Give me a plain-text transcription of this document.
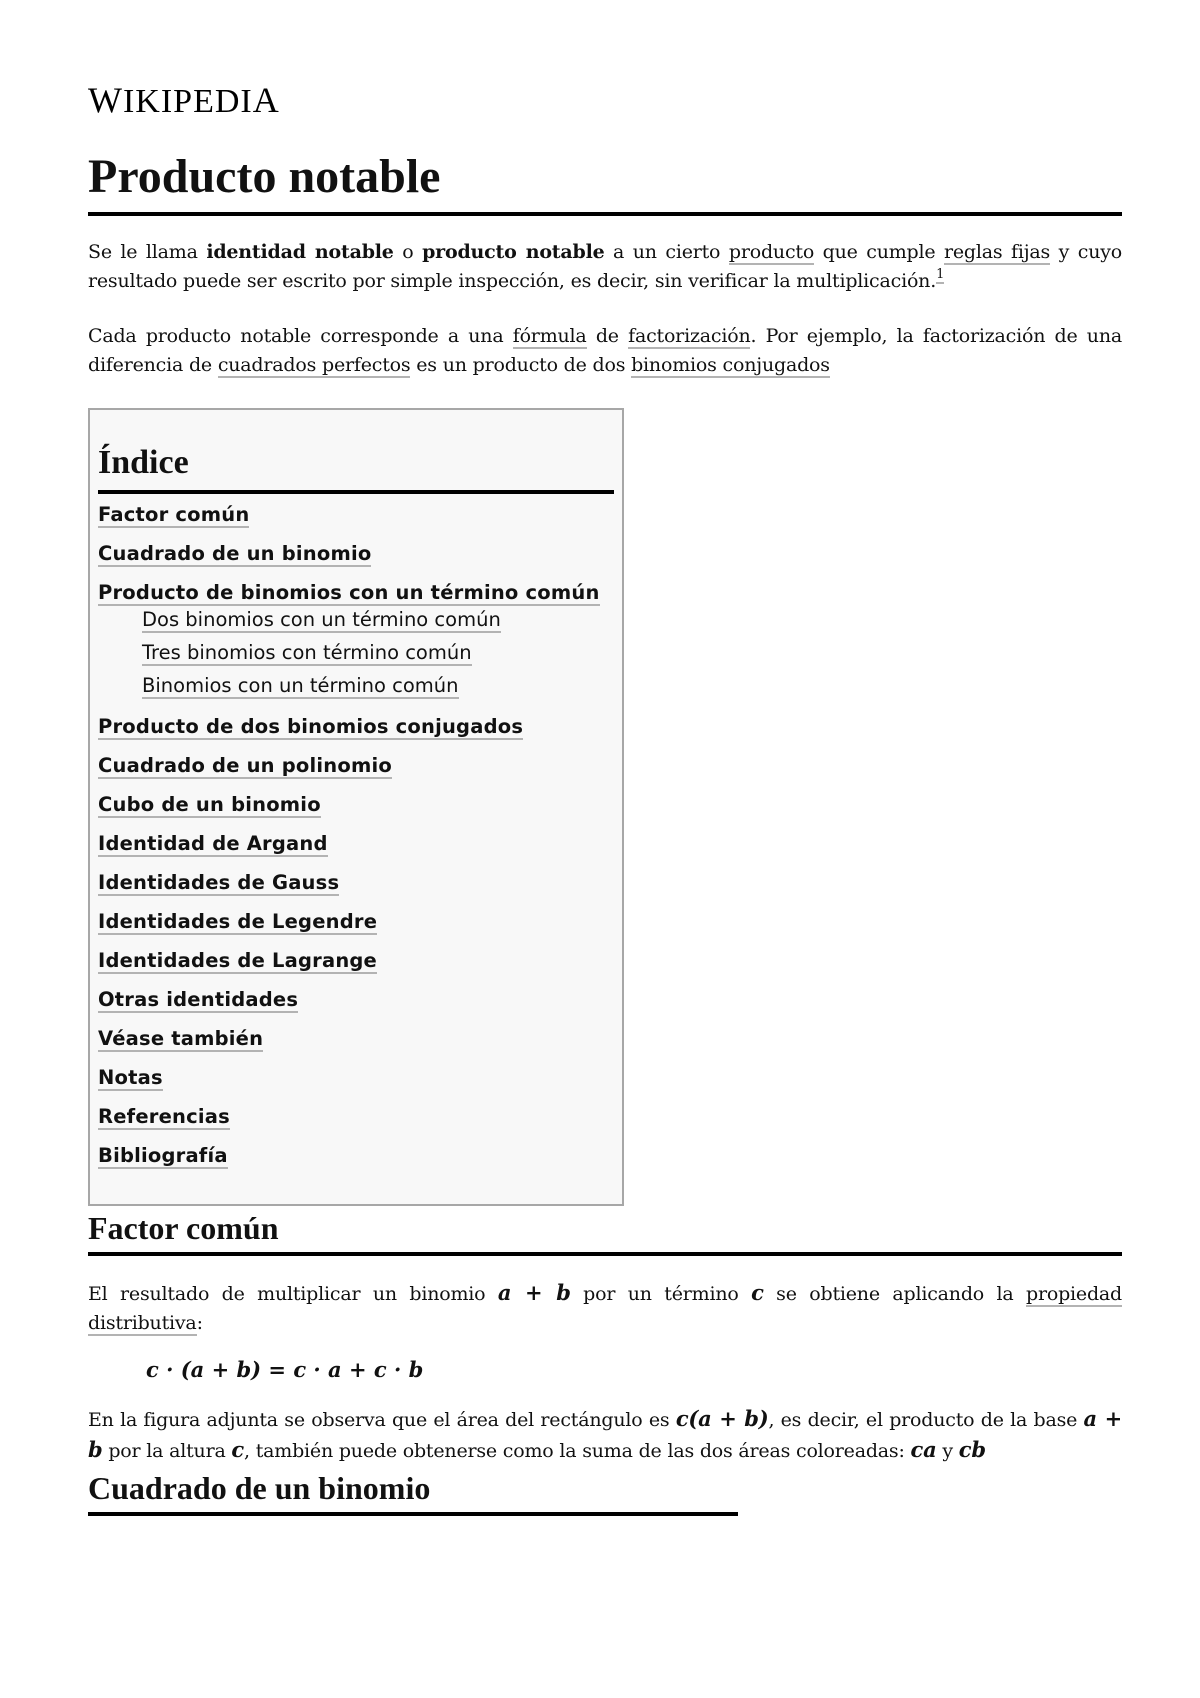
WIKIPEDIA
Producto notable

Se le llama identidad notable o producto notable a un cierto producto que cumple reglas fijas y cuyo resultado puede ser escrito por simple inspección, es decir, sin verificar la multiplicación.$^1$

Cada producto notable corresponde a una fórmula de factorización. Por ejemplo, la factorización de una diferencia de cuadrados perfectos es un producto de dos binomios conjugados

Índice
Factor común
Cuadrado de un binomio
Producto de binomios con un término común
Dos binomios con un término común
Tres binomios con término común
Binomios con un término común
Producto de dos binomios conjugados
Cuadrado de un polinomio
Cubo de un binomio
Identidad de Argand
Identidades de Gauss
Identidades de Legendre
Identidades de Lagrange
Otras identidades
Véase también
Notas
Referencias
Bibliografía
Factor común

El resultado de multiplicar un binomio a + b por un término c se obtiene aplicando la propiedad distributiva:

c · (a + b) = c · a + c · b

En la figura adjunta se observa que el área del rectángulo es c(a + b), es decir, el producto de la base a + b por la altura c, también puede obtenerse como la suma de las dos áreas coloreadas: ca y cb

Cuadrado de un binomio
